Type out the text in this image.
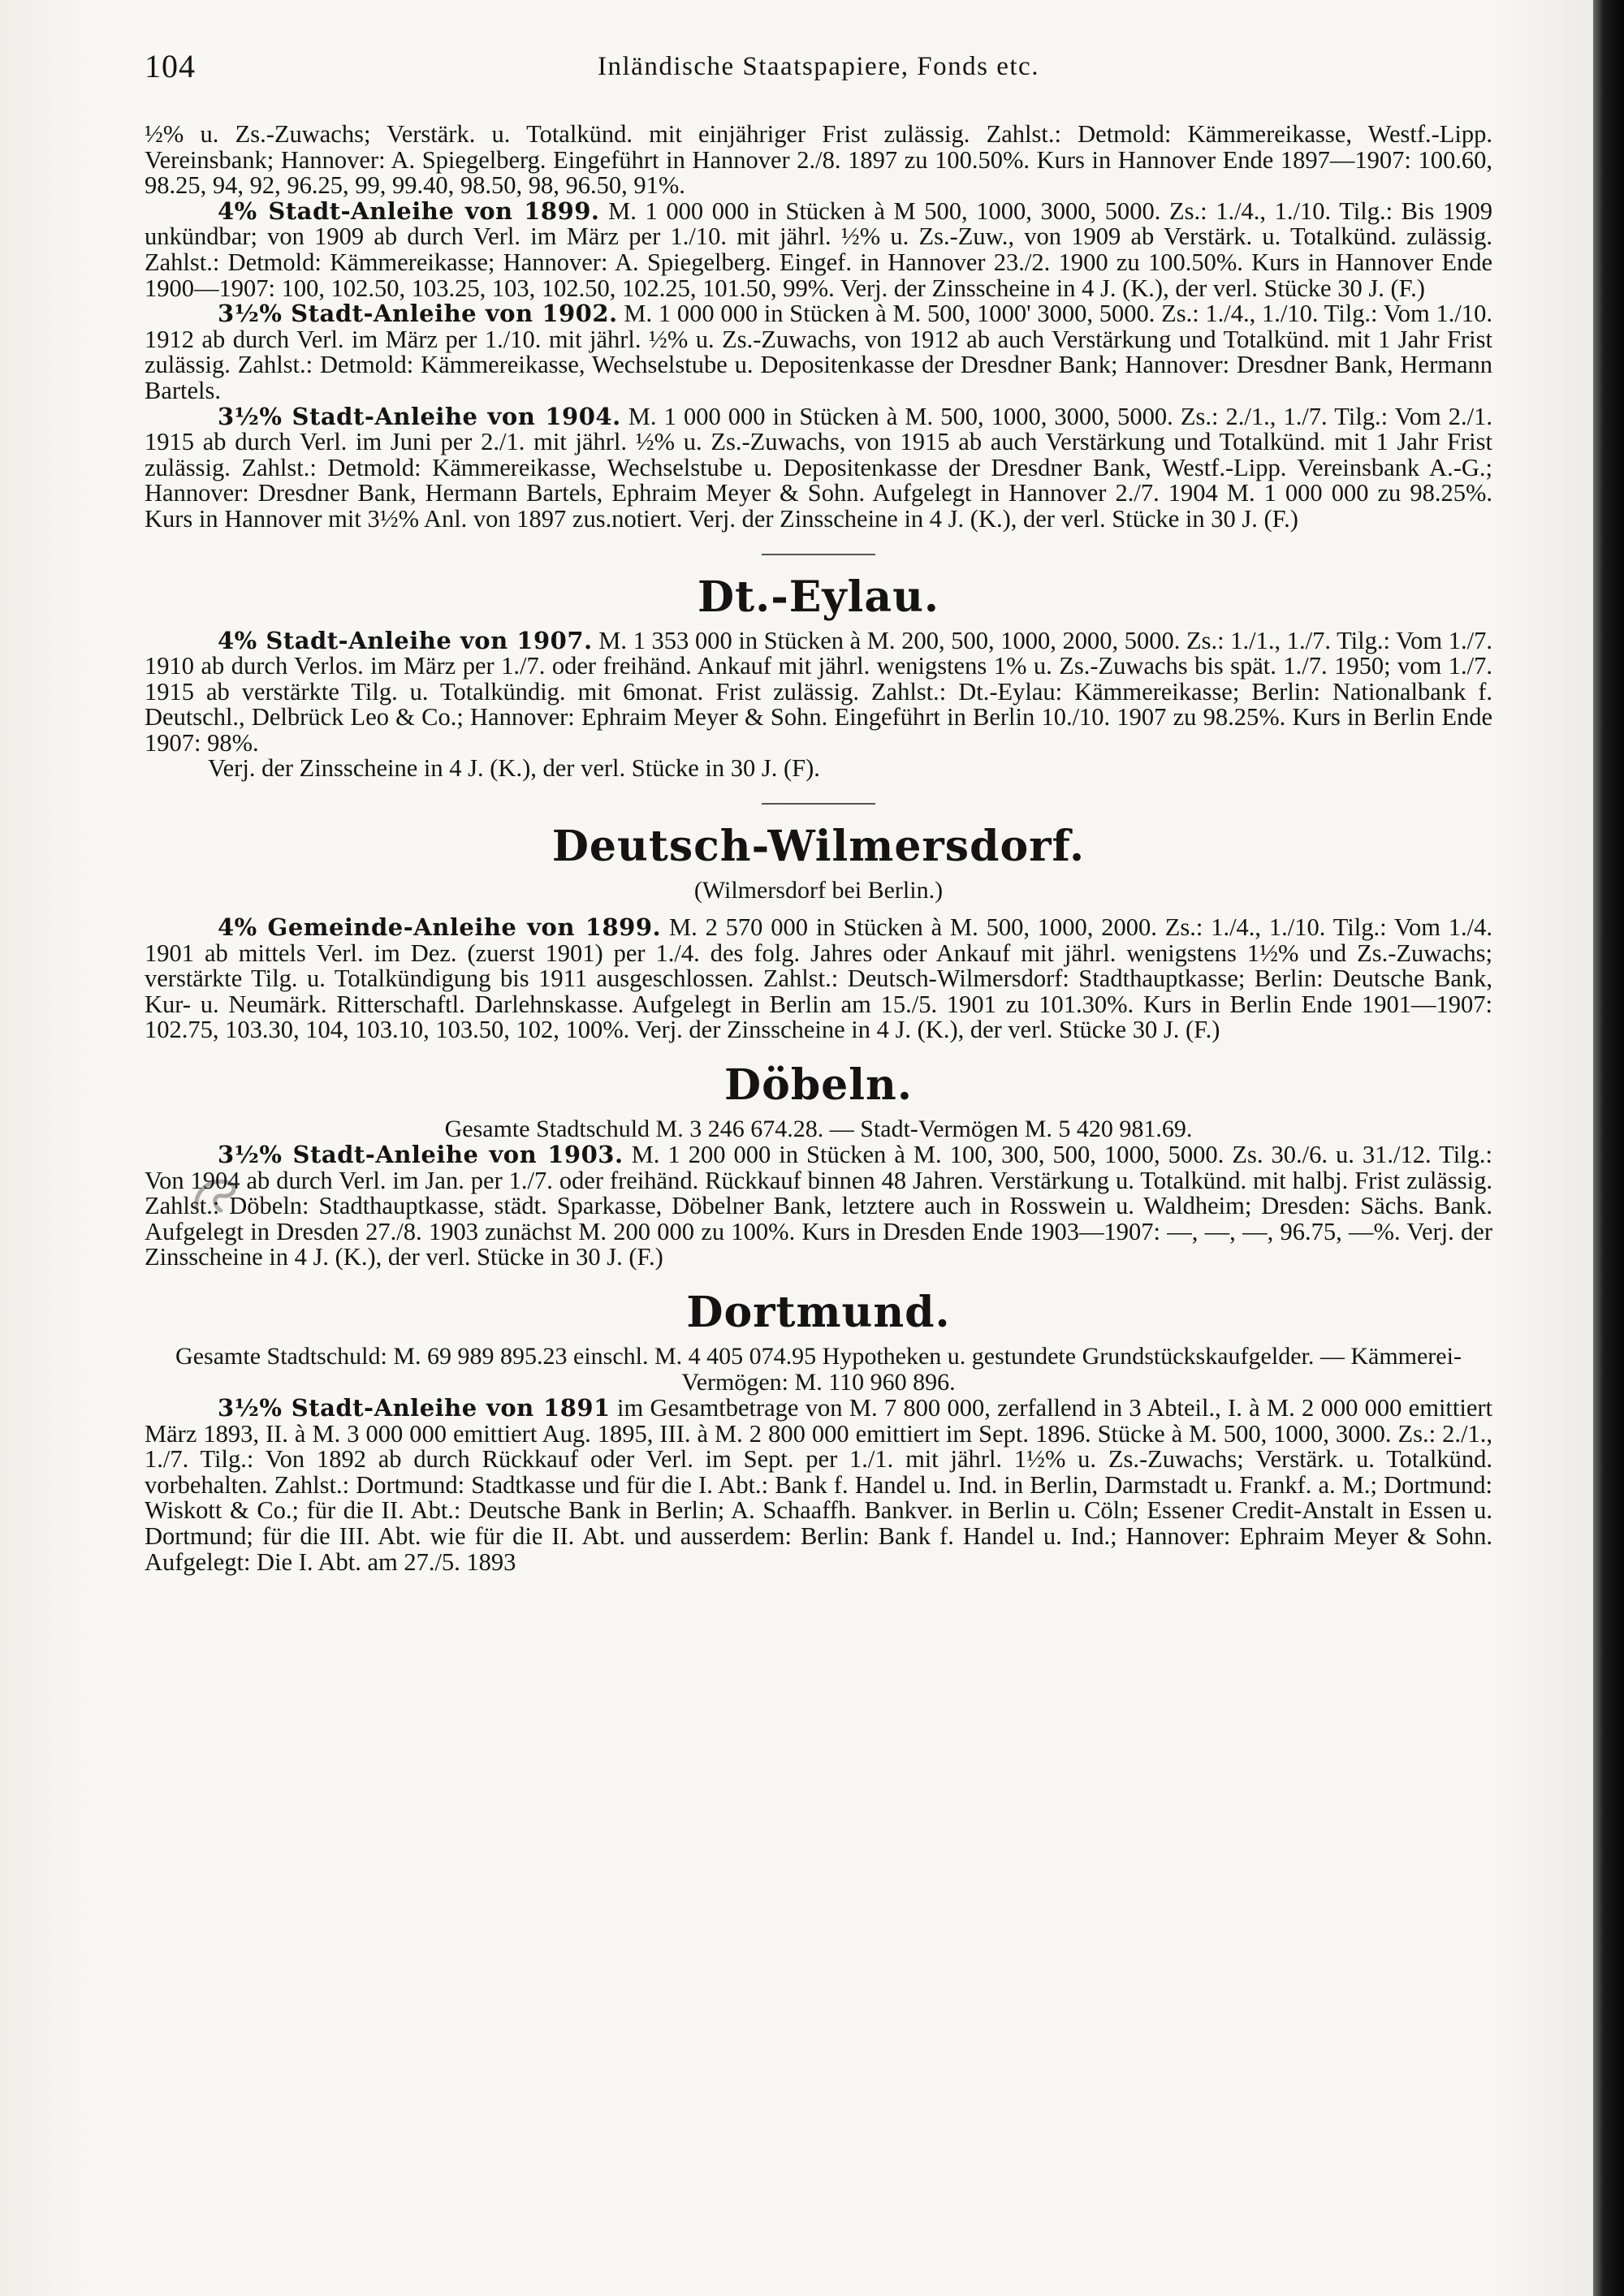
104	Inländische Staatspapiere, Fonds etc.

½% u. Zs.-Zuwachs; Verstärk. u. Totalkünd. mit einjähriger Frist zulässig. Zahlst.: Detmold: Kämmereikasse, Westf.-Lipp. Vereinsbank; Hannover: A. Spiegelberg. Eingeführt in Hannover 2./8. 1897 zu 100.50%. Kurs in Hannover Ende 1897—1907: 100.60, 98.25, 94, 92, 96.25, 99, 99.40, 98.50, 98, 96.50, 91%.

4% Stadt-Anleihe von 1899. M. 1 000 000 in Stücken à M 500, 1000, 3000, 5000. Zs.: 1./4., 1./10. Tilg.: Bis 1909 unkündbar; von 1909 ab durch Verl. im März per 1./10. mit jährl. ½% u. Zs.-Zuw., von 1909 ab Verstärk. u. Totalkünd. zulässig. Zahlst.: Detmold: Kämmereikasse; Hannover: A. Spiegelberg. Eingef. in Hannover 23./2. 1900 zu 100.50%. Kurs in Hannover Ende 1900—1907: 100, 102.50, 103.25, 103, 102.50, 102.25, 101.50, 99%. Verj. der Zinsscheine in 4 J. (K.), der verl. Stücke 30 J. (F.)

3½% Stadt-Anleihe von 1902. M. 1 000 000 in Stücken à M. 500, 1000' 3000, 5000. Zs.: 1./4., 1./10. Tilg.: Vom 1./10. 1912 ab durch Verl. im März per 1./10. mit jährl. ½% u. Zs.-Zuwachs, von 1912 ab auch Verstärkung und Totalkünd. mit 1 Jahr Frist zulässig. Zahlst.: Detmold: Kämmereikasse, Wechselstube u. Depositenkasse der Dresdner Bank; Hannover: Dresdner Bank, Hermann Bartels.

3½% Stadt-Anleihe von 1904. M. 1 000 000 in Stücken à M. 500, 1000, 3000, 5000. Zs.: 2./1., 1./7. Tilg.: Vom 2./1. 1915 ab durch Verl. im Juni per 2./1. mit jährl. ½% u. Zs.-Zuwachs, von 1915 ab auch Verstärkung und Totalkünd. mit 1 Jahr Frist zulässig. Zahlst.: Detmold: Kämmereikasse, Wechselstube u. Depositenkasse der Dresdner Bank, Westf.-Lipp. Vereinsbank A.-G.; Hannover: Dresdner Bank, Hermann Bartels, Ephraim Meyer & Sohn. Aufgelegt in Hannover 2./7. 1904 M. 1 000 000 zu 98.25%. Kurs in Hannover mit 3½% Anl. von 1897 zus.notiert. Verj. der Zinsscheine in 4 J. (K.), der verl. Stücke in 30 J. (F.)

Dt.-Eylau.

4% Stadt-Anleihe von 1907. M. 1 353 000 in Stücken à M. 200, 500, 1000, 2000, 5000. Zs.: 1./1., 1./7. Tilg.: Vom 1./7. 1910 ab durch Verlos. im März per 1./7. oder freihänd. Ankauf mit jährl. wenigstens 1% u. Zs.-Zuwachs bis spät. 1./7. 1950; vom 1./7. 1915 ab verstärkte Tilg. u. Totalkündig. mit 6monat. Frist zulässig. Zahlst.: Dt.-Eylau: Kämmereikasse; Berlin: Nationalbank f. Deutschl., Delbrück Leo & Co.; Hannover: Ephraim Meyer & Sohn. Eingeführt in Berlin 10./10. 1907 zu 98.25%. Kurs in Berlin Ende 1907: 98%.

Verj. der Zinsscheine in 4 J. (K.), der verl. Stücke in 30 J. (F).

Deutsch-Wilmersdorf.
(Wilmersdorf bei Berlin.)

4% Gemeinde-Anleihe von 1899. M. 2 570 000 in Stücken à M. 500, 1000, 2000. Zs.: 1./4., 1./10. Tilg.: Vom 1./4. 1901 ab mittels Verl. im Dez. (zuerst 1901) per 1./4. des folg. Jahres oder Ankauf mit jährl. wenigstens 1½% und Zs.-Zuwachs; verstärkte Tilg. u. Totalkündigung bis 1911 ausgeschlossen. Zahlst.: Deutsch-Wilmersdorf: Stadthauptkasse; Berlin: Deutsche Bank, Kur- u. Neumärk. Ritterschaftl. Darlehnskasse. Aufgelegt in Berlin am 15./5. 1901 zu 101.30%. Kurs in Berlin Ende 1901—1907: 102.75, 103.30, 104, 103.10, 103.50, 102, 100%. Verj. der Zinsscheine in 4 J. (K.), der verl. Stücke 30 J. (F.)

Döbeln.
Gesamte Stadtschuld M. 3 246 674.28. — Stadt-Vermögen M. 5 420 981.69.

3½% Stadt-Anleihe von 1903. M. 1 200 000 in Stücken à M. 100, 300, 500, 1000, 5000. Zs. 30./6. u. 31./12. Tilg.: Von 1904 ab durch Verl. im Jan. per 1./7. oder freihänd. Rückkauf binnen 48 Jahren. Verstärkung u. Totalkünd. mit halbj. Frist zulässig. Zahlst.: Döbeln: Stadthauptkasse, städt. Sparkasse, Döbelner Bank, letztere auch in Rosswein u. Waldheim; Dresden: Sächs. Bank. Aufgelegt in Dresden 27./8. 1903 zunächst M. 200 000 zu 100%. Kurs in Dresden Ende 1903—1907: —, —, —, 96.75, —%. Verj. der Zinsscheine in 4 J. (K.), der verl. Stücke in 30 J. (F.)

Dortmund.
Gesamte Stadtschuld: M. 69 989 895.23 einschl. M. 4 405 074.95 Hypotheken u. gestundete Grundstückskaufgelder. — Kämmerei-Vermögen: M. 110 960 896.

3½% Stadt-Anleihe von 1891 im Gesamtbetrage von M. 7 800 000, zerfallend in 3 Abteil., I. à M. 2 000 000 emittiert März 1893, II. à M. 3 000 000 emittiert Aug. 1895, III. à M. 2 800 000 emittiert im Sept. 1896. Stücke à M. 500, 1000, 3000. Zs.: 2./1., 1./7. Tilg.: Von 1892 ab durch Rückkauf oder Verl. im Sept. per 1./1. mit jährl. 1½% u. Zs.-Zuwachs; Verstärk. u. Totalkünd. vorbehalten. Zahlst.: Dortmund: Stadtkasse und für die I. Abt.: Bank f. Handel u. Ind. in Berlin, Darmstadt u. Frankf. a. M.; Dortmund: Wiskott & Co.; für die II. Abt.: Deutsche Bank in Berlin; A. Schaaffh. Bankver. in Berlin u. Cöln; Essener Credit-Anstalt in Essen u. Dortmund; für die III. Abt. wie für die II. Abt. und ausserdem: Berlin: Bank f. Handel u. Ind.; Hannover: Ephraim Meyer & Sohn. Aufgelegt: Die I. Abt. am 27./5. 1893
